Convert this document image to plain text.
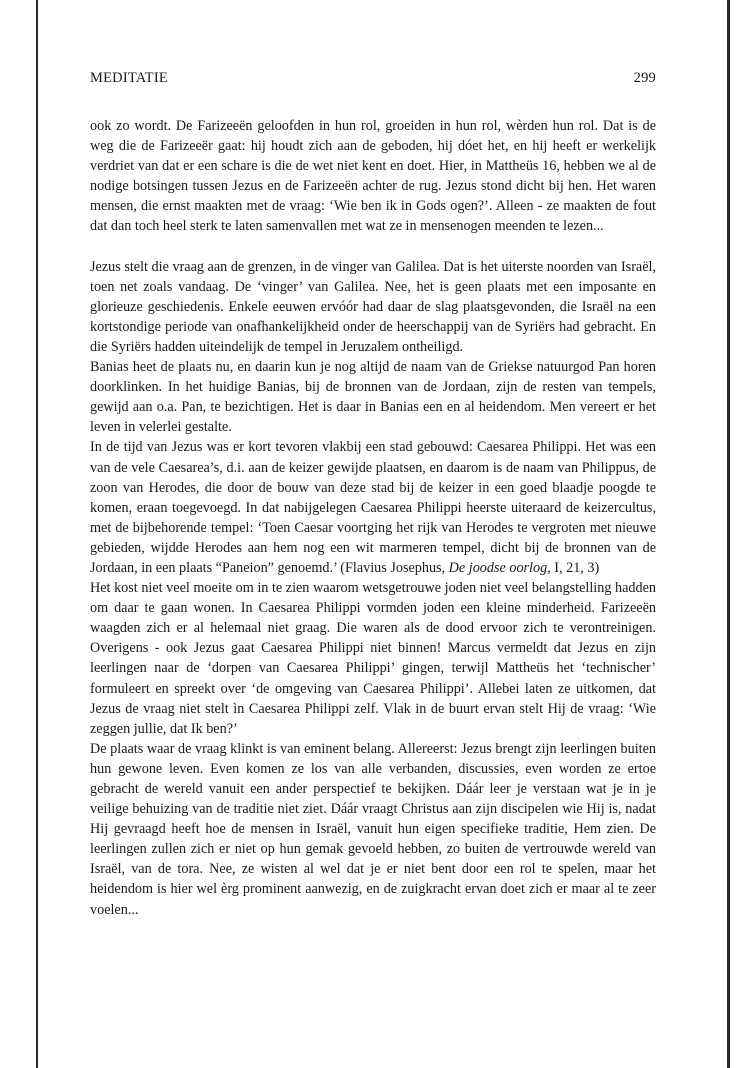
MEDITATIE	299

ook zo wordt. De Farizeeën geloofden in hun rol, groeiden in hun rol, wèrden hun rol. Dat is de weg die de Farizeeër gaat: hij houdt zich aan de geboden, hij dóet het, en hij heeft er werkelijk verdriet van dat er een schare is die de wet niet kent en doet. Hier, in Mattheüs 16, hebben we al de nodige botsingen tussen Jezus en de Farizeeën achter de rug. Jezus stond dicht bij hen. Het waren mensen, die ernst maakten met de vraag: ‘Wie ben ik in Gods ogen?’. Alleen - ze maakten de fout dat dan toch heel sterk te laten samenvallen met wat ze in mensenogen meenden te lezen...

Jezus stelt die vraag aan de grenzen, in de vinger van Galilea. Dat is het uiterste noorden van Israël, toen net zoals vandaag. De ‘vinger’ van Galilea. Nee, het is geen plaats met een imposante en glorieuze geschiedenis. Enkele eeuwen ervóór had daar de slag plaatsgevonden, die Israël na een kortstondige periode van onafhankelijkheid onder de heerschappij van de Syriërs had gebracht. En die Syriërs hadden uiteindelijk de tempel in Jeruzalem ontheiligd.

Banias heet de plaats nu, en daarin kun je nog altijd de naam van de Griekse natuurgod Pan horen doorklinken. In het huidige Banias, bij de bronnen van de Jordaan, zijn de resten van tempels, gewijd aan o.a. Pan, te bezichtigen. Het is daar in Banias een en al heidendom. Men vereert er het leven in velerlei gestalte.

In de tijd van Jezus was er kort tevoren vlakbij een stad gebouwd: Caesarea Philippi. Het was een van de vele Caesarea’s, d.i. aan de keizer gewijde plaatsen, en daarom is de naam van Philippus, de zoon van Herodes, die door de bouw van deze stad bij de keizer in een goed blaadje poogde te komen, eraan toegevoegd. In dat nabijgelegen Caesarea Philippi heerste uiteraard de keizercultus, met de bijbehorende tempel: ‘Toen Caesar voortging het rijk van Herodes te vergroten met nieuwe gebieden, wijdde Herodes aan hem nog een wit marmeren tempel, dicht bij de bronnen van de Jordaan, in een plaats “Paneion” genoemd.’ (Flavius Josephus, De joodse oorlog, I, 21, 3)

Het kost niet veel moeite om in te zien waarom wetsgetrouwe joden niet veel belangstelling hadden om daar te gaan wonen. In Caesarea Philippi vormden joden een kleine minderheid. Farizeeën waagden zich er al helemaal niet graag. Die waren als de dood ervoor zich te verontreinigen. Overigens - ook Jezus gaat Caesarea Philippi niet binnen! Marcus vermeldt dat Jezus en zijn leerlingen naar de ‘dorpen van Caesarea Philippi’ gingen, terwijl Mattheüs het ‘technischer’ formuleert en spreekt over ‘de omgeving van Caesarea Philippi’. Allebei laten ze uitkomen, dat Jezus de vraag niet stelt ìn Caesarea Philippi zelf. Vlak in de buurt ervan stelt Hij de vraag: ‘Wie zeggen jullie, dat Ik ben?’

De plaats waar de vraag klinkt is van eminent belang. Allereerst: Jezus brengt zijn leerlingen buiten hun gewone leven. Even komen ze los van alle verbanden, discussies, even worden ze ertoe gebracht de wereld vanuit een ander perspectief te bekijken. Dáár leer je verstaan wat je in je veilige behuizing van de traditie niet ziet. Dáár vraagt Christus aan zijn discipelen wie Hij is, nadat Hij gevraagd heeft hoe de mensen in Israël, vanuit hun eigen specifieke traditie, Hem zien. De leerlingen zullen zich er niet op hun gemak gevoeld hebben, zo buiten de vertrouwde wereld van Israël, van de tora. Nee, ze wisten al wel dat je er niet bent door een rol te spelen, maar het heidendom is hier wel èrg prominent aanwezig, en de zuigkracht ervan doet zich er maar al te zeer voelen...
